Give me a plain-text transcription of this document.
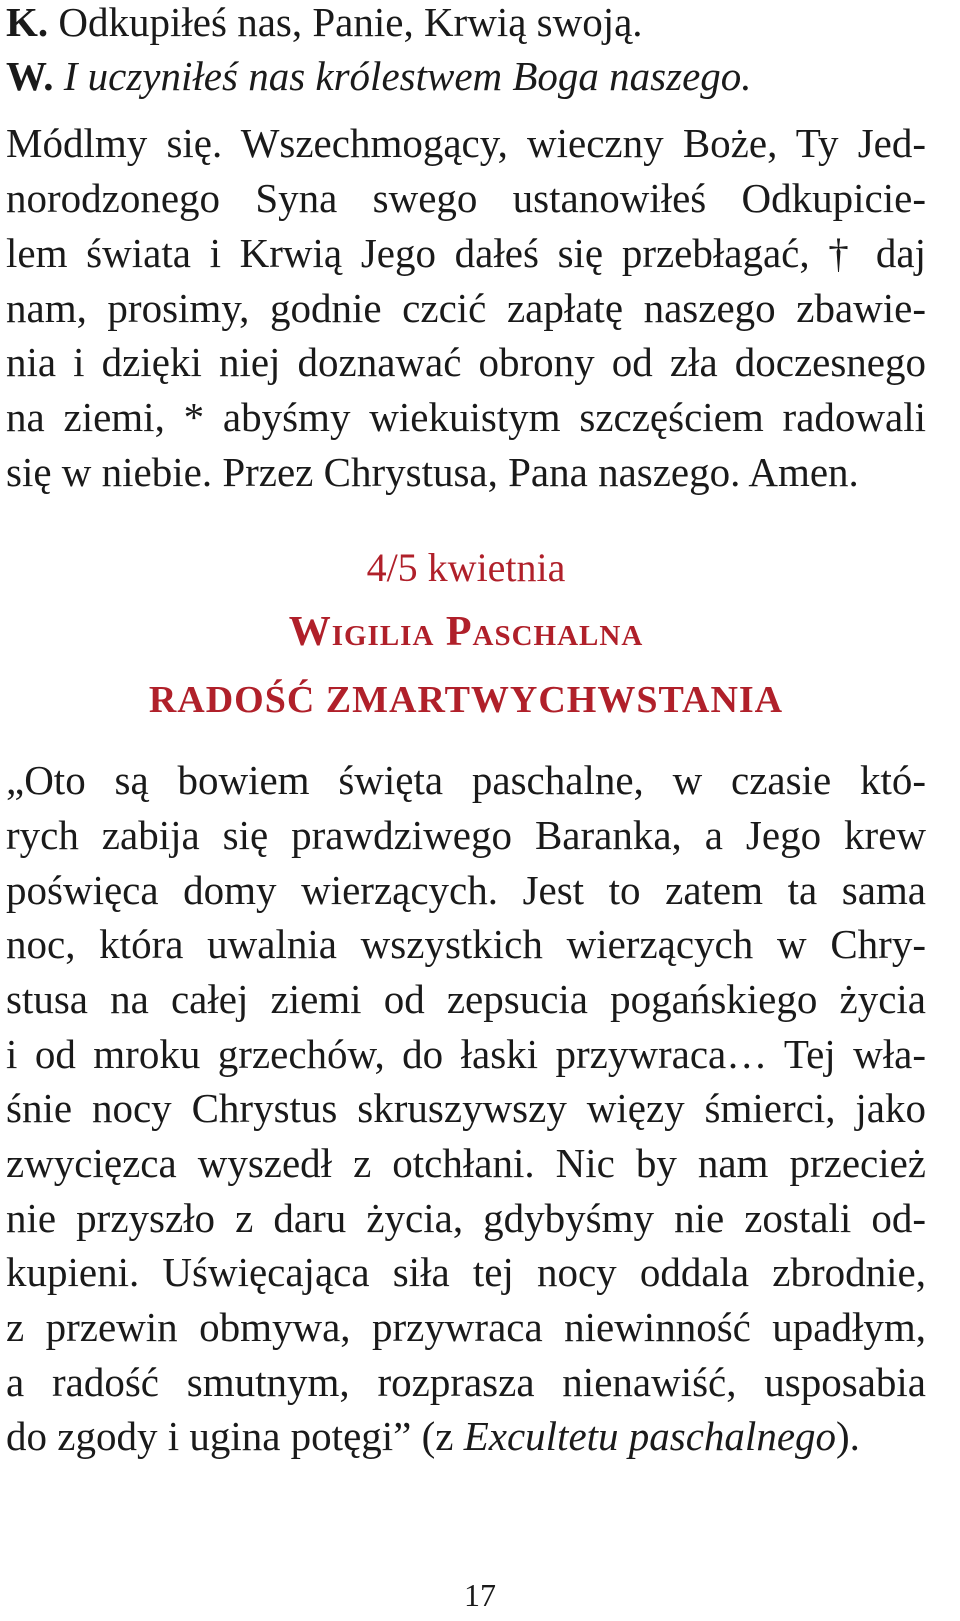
K. Odkupiłeś nas, Panie, Krwią swoją.
W. I uczyniłeś nas królestwem Boga naszego.
Módlmy się. Wszechmogący, wieczny Boże, Ty Jed-
norodzonego Syna swego ustanowiłeś Odkupicie-
lem świata i Krwią Jego dałeś się przebłagać, † daj
nam, prosimy, godnie czcić zapłatę naszego zbawie-
nia i dzięki niej doznawać obrony od zła doczesnego
na ziemi, * abyśmy wiekuistym szczęściem radowali
się w niebie. Przez Chrystusa, Pana naszego. Amen.
4/5 kwietnia
Wigilia Paschalna
RADOŚĆ ZMARTWYCHWSTANIA
„Oto są bowiem święta paschalne, w czasie któ-
rych zabija się prawdziwego Baranka, a Jego krew
poświęca domy wierzących. Jest to zatem ta sama
noc, która uwalnia wszystkich wierzących w Chry-
stusa na całej ziemi od zepsucia pogańskiego życia
i od mroku grzechów, do łaski przywraca… Tej wła-
śnie nocy Chrystus skruszywszy więzy śmierci, jako
zwycięzca wyszedł z otchłani. Nic by nam przecież
nie przyszło z daru życia, gdybyśmy nie zostali od-
kupieni. Uświęcająca siła tej nocy oddala zbrodnie,
z przewin obmywa, przywraca niewinność upadłym,
a radość smutnym, rozprasza nienawiść, usposabia
do zgody i ugina potęgi” (z Excultetu paschalnego).
17
